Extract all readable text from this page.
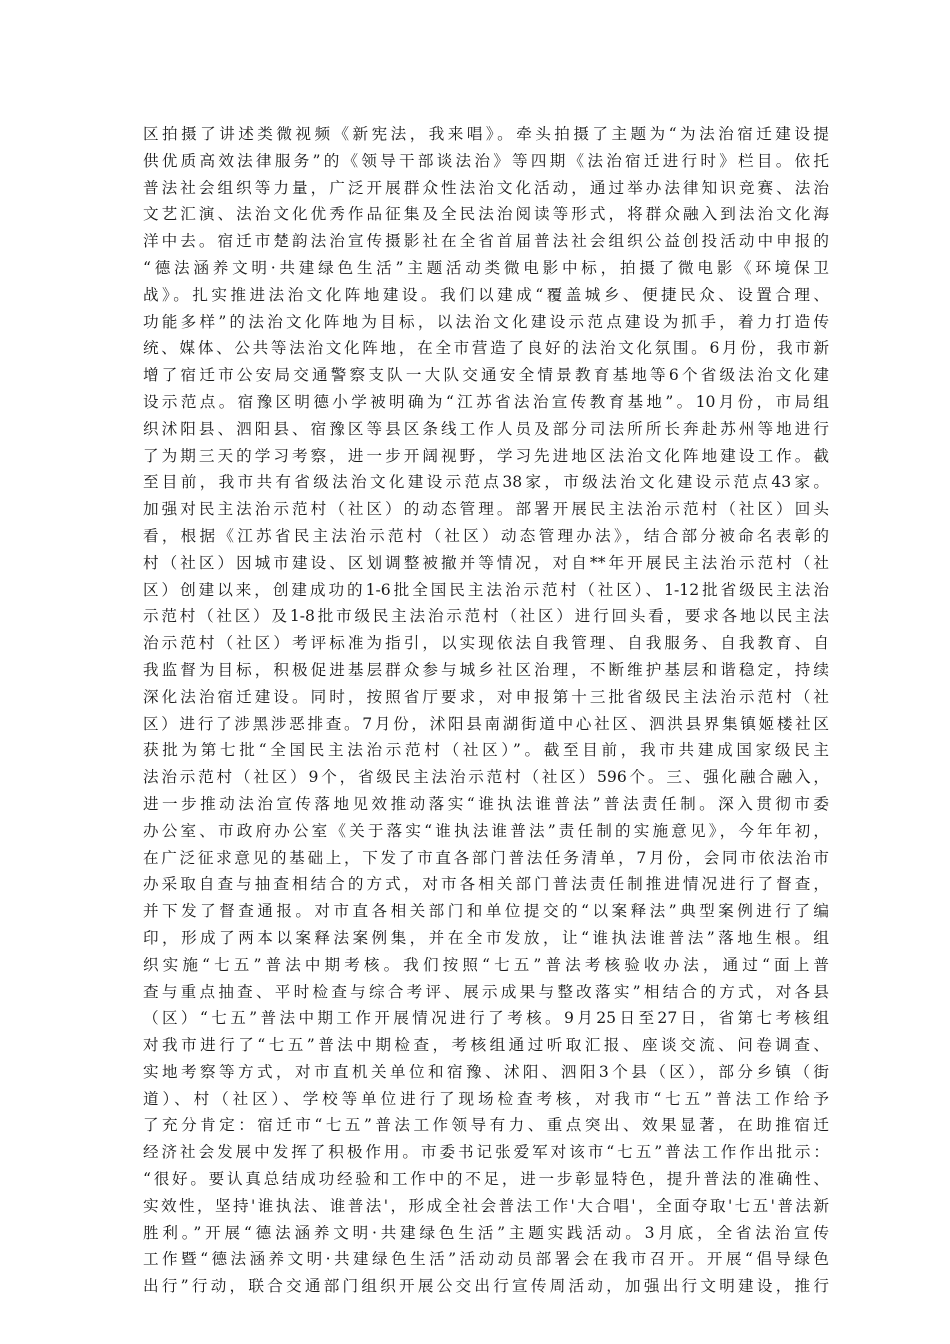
区拍摄了讲述类微视频《新宪法，我来唱》。牵头拍摄了主题为“为法治宿迁建设提
供优质高效法律服务”的《领导干部谈法治》等四期《法治宿迁进行时》栏目。依托
普法社会组织等力量，广泛开展群众性法治文化活动，通过举办法律知识竞赛、法治
文艺汇演、法治文化优秀作品征集及全民法治阅读等形式，将群众融入到法治文化海
洋中去。宿迁市楚韵法治宣传摄影社在全省首届普法社会组织公益创投活动中申报的
“德法涵养文明·共建绿色生活”主题活动类微电影中标，拍摄了微电影《环境保卫
战》。扎实推进法治文化阵地建设。我们以建成“覆盖城乡、便捷民众、设置合理、
功能多样”的法治文化阵地为目标，以法治文化建设示范点建设为抓手，着力打造传
统、媒体、公共等法治文化阵地，在全市营造了良好的法治文化氛围。6月份，我市新
增了宿迁市公安局交通警察支队一大队交通安全情景教育基地等6个省级法治文化建
设示范点。宿豫区明德小学被明确为“江苏省法治宣传教育基地”。10月份，市局组
织沭阳县、泗阳县、宿豫区等县区条线工作人员及部分司法所所长奔赴苏州等地进行
了为期三天的学习考察，进一步开阔视野，学习先进地区法治文化阵地建设工作。截
至目前，我市共有省级法治文化建设示范点38家，市级法治文化建设示范点43家。
加强对民主法治示范村（社区）的动态管理。部署开展民主法治示范村（社区）回头
看，根据《江苏省民主法治示范村（社区）动态管理办法》，结合部分被命名表彰的
村（社区）因城市建设、区划调整被撤并等情况，对自**年开展民主法治示范村（社
区）创建以来，创建成功的1-6批全国民主法治示范村（社区）、1-12批省级民主法治
示范村（社区）及1-8批市级民主法治示范村（社区）进行回头看，要求各地以民主法
治示范村（社区）考评标准为指引，以实现依法自我管理、自我服务、自我教育、自
我监督为目标，积极促进基层群众参与城乡社区治理，不断维护基层和谐稳定，持续
深化法治宿迁建设。同时，按照省厅要求，对申报第十三批省级民主法治示范村（社
区）进行了涉黑涉恶排查。7月份，沭阳县南湖街道中心社区、泗洪县界集镇姬楼社区
获批为第七批“全国民主法治示范村（社区）”。截至目前，我市共建成国家级民主
法治示范村（社区）9个，省级民主法治示范村（社区）596个。三、强化融合融入，
进一步推动法治宣传落地见效推动落实“谁执法谁普法”普法责任制。深入贯彻市委
办公室、市政府办公室《关于落实“谁执法谁普法”责任制的实施意见》，今年年初，
在广泛征求意见的基础上，下发了市直各部门普法任务清单，7月份，会同市依法治市
办采取自查与抽查相结合的方式，对市各相关部门普法责任制推进情况进行了督查，
并下发了督查通报。对市直各相关部门和单位提交的“以案释法”典型案例进行了编
印，形成了两本以案释法案例集，并在全市发放，让“谁执法谁普法”落地生根。组
织实施“七五”普法中期考核。我们按照“七五”普法考核验收办法，通过“面上普
查与重点抽查、平时检查与综合考评、展示成果与整改落实”相结合的方式，对各县
（区）“七五”普法中期工作开展情况进行了考核。9月25日至27日，省第七考核组
对我市进行了“七五”普法中期检查，考核组通过听取汇报、座谈交流、问卷调查、
实地考察等方式，对市直机关单位和宿豫、沭阳、泗阳3个县（区），部分乡镇（街
道）、村（社区）、学校等单位进行了现场检查考核，对我市“七五”普法工作给予
了充分肯定：宿迁市“七五”普法工作领导有力、重点突出、效果显著，在助推宿迁
经济社会发展中发挥了积极作用。市委书记张爱军对该市“七五”普法工作作出批示：
“很好。要认真总结成功经验和工作中的不足，进一步彰显特色，提升普法的准确性、
实效性，坚持'谁执法、谁普法'，形成全社会普法工作'大合唱'，全面夺取'七五'普法新
胜利。”开展“德法涵养文明·共建绿色生活”主题实践活动。3月底，全省法治宣传
工作暨“德法涵养文明·共建绿色生活”活动动员部署会在我市召开。开展“倡导绿色
出行”行动，联合交通部门组织开展公交出行宣传周活动，加强出行文明建设，推行
